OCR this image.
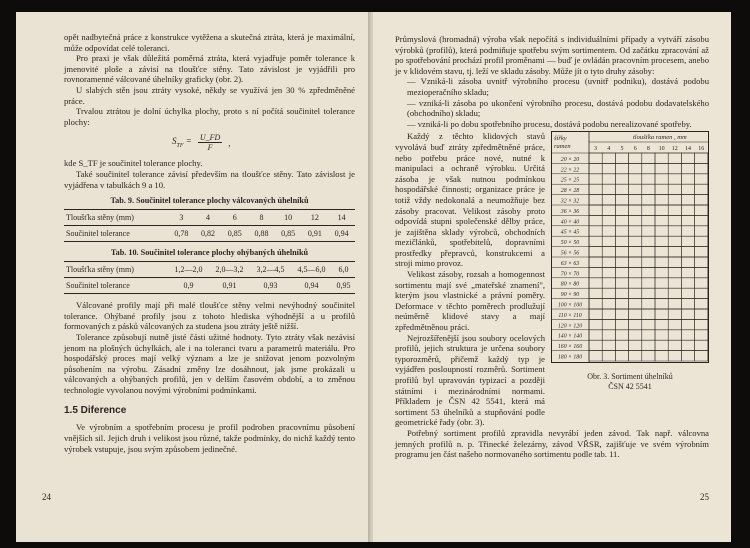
opět nadbytečná práce z konstrukce vytěžena a skutečná ztráta, která je maximální, může odpovídat celé toleranci.

Pro praxi je však důležitá poměrná ztráta, která vyjadřuje poměr tolerance k jmenovité ploše a závisí na tloušťce stěny. Tato závislost je vyjádřili pro rovnoramenné válcované úhelníky graficky (obr. 2).

U slabých stěn jsou ztráty vysoké, někdy se využívá jen 30 % zpředměněné práce.

Trvalou ztrátou je dolní úchylka plochy, proto s ní počítá součinitel tolerance plochy:

$S_{TF} = \frac{U\_FD}{F}$ ,

kde S_TF je součinitel tolerance plochy.

Také součinitel tolerance závisí především na tloušťce stěny. Tato závislost je vyjádřena v tabulkách 9 a 10.

Tab. 9. Součinitel tolerance plochy válcovaných úhelníků
Tloušťka stěny (mm)	3	4	6	8	10	12	14
Součinitel tolerance	0,78	0,82	0,85	0,88	0,85	0,91	0,94
Tab. 10. Součinitel tolerance plochy ohýbaných úhelníků
Tloušťka stěny (mm)	1,2—2,0	2,0—3,2	3,2—4,5	4,5—6,0	6,0
Součinitel tolerance	0,9	0,91	0,93	0,94	0,95

Válcované profily mají při malé tloušťce stěny velmi nevýhodný součinitel tolerance. Ohýbané profily jsou z tohoto hlediska výhodnější a u profilů formovaných z pásků válcovaných za studena jsou ztráty ještě nižší.

Tolerance způsobují nutně jisté části užitné hodnoty. Tyto ztráty však nezávisí jenom na plošných úchylkách, ale i na toleranci tvaru a parametrů materiálu. Pro hospodářský proces mají velký význam a lze je snižovat jenom pozvolným působením na výrobu. Zásadní změny lze dosáhnout, jak jsme prokázali u válcovaných a ohýbaných profilů, jen v delším časovém období, a to změnou technologie vyvolanou novými výrobními podmínkami.

1.5 Diference

Ve výrobním a spotřebním procesu je profil podroben pracovnímu působení vnějších sil. Jejich druh i velikost jsou různé, takže podmínky, do nichž každý tento výrobek vstupuje, jsou svým způsobem jedinečné.

24

Průmyslová (hromadná) výroba však nepočítá s individuálními případy a vytváří zásobu výrobků (profilů), která podmiňuje spotřebu svým sortimentem. Od začátku zpracování až po spotřebování prochází profil proměnami — buď je ovládán pracovním procesem, anebo je v klidovém stavu, tj. leží ve skladu zásoby. Může jít o tyto druhy zásoby:

— Vzniká-li zásoba uvnitř výrobního procesu (uvnitř podniku), dostává podobu mezioperačního skladu;

— vzniká-li zásoba po ukončení výrobního procesu, dostává podobu dodavatelského (obchodního) skladu;

— vzniká-li po dobu spotřebního procesu, dostává podobu nerealizované spotřeby.

Každý z těchto klidových stavů vyvolává buď ztráty zpředmětněné práce, nebo potřebu práce nové, nutné k manipulaci a ochraně výrobku. Určitá zásoba je však nutnou podmínkou hospodářské činnosti; organizace práce je totiž vždy nedokonalá a neumožňuje bez zásoby pracovat. Velikost zásoby proto odpovídá stupni společenské dělby práce, je zajištěna sklady výrobců, obchodních mezičlánků, spotřebitelů, dopravními prostředky přepravců, konstrukcemi a stroji mimo provoz.

Velikost zásoby, rozsah a homogennost sortimentu mají své „mateřské znamení", kterým jsou vlastnické a právní poměry. Deformace v těchto poměrech prodlužují neúměrně klidové stavy a mají zpředmětněnou práci.

Nejrozšířenější jsou soubory ocelových profilů, jejich struktura je určena soubory typorozměrů, přičemž každý typ je vyjádřen posloupností rozměrů. Sortiment profilů byl upravován typizací a později státními i mezinárodními normami. Příkladem je ČSN 42 5541, která má sortiment 53 úhelníků a stupňování podle geometrické řady (obr. 3).

šířky
ramen
tloušťka ramen , mm
3 4 5 6 8 10 12 14 16
20 × 20
22 × 22
25 × 25
28 × 28
32 × 32
36 × 36
40 × 40
45 × 45
50 × 50
56 × 56
63 × 63
70 × 70
80 × 80
90 × 90
100 × 100
110 × 110
120 × 120
140 × 140
160 × 160
180 × 180
Obr. 3. Sortiment úhelníků
ČSN 42 5541

Potřebný sortiment profilů zpravidla nevyrábí jeden závod. Tak např. válcovna jemných profilů n. p. Třinecké železárny, závod VŘSR, zajišťuje ve svém výrobním programu jen část našeho normovaného sortimentu podle tab. 11.

25
